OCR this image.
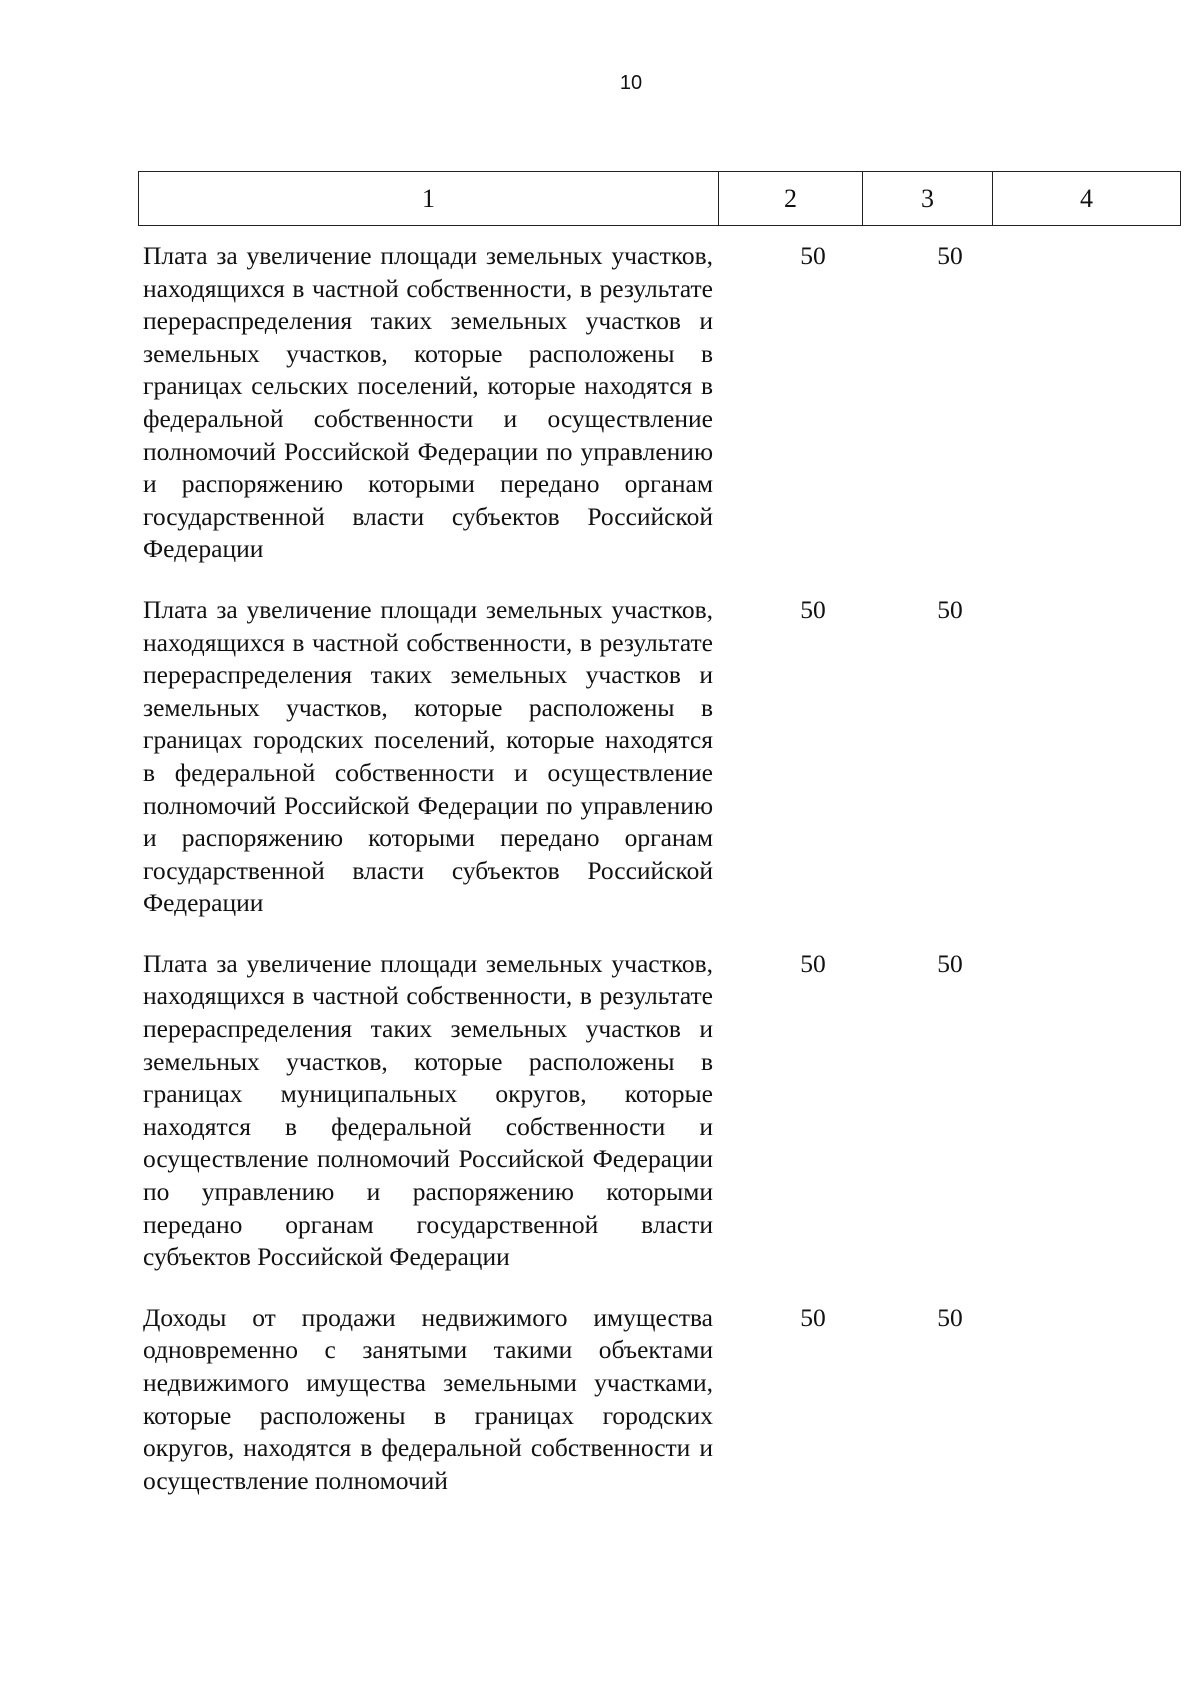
10
1	2	3	4
Плата за увеличение площади земельных участков, находящихся в частной собственности, в результате перераспределения таких земельных участков и земельных участков, которые расположены в границах сельских поселений, которые находятся в федеральной собственности и осуществление полномочий Российской Федерации по управлению и распоряжению которыми передано органам государственной власти субъектов Российской Федерации
50	50
Плата за увеличение площади земельных участков, находящихся в частной собственности, в результате перераспределения таких земельных участков и земельных участков, которые расположены в границах городских поселений, которые находятся в федеральной собственности и осуществление полномочий Российской Федерации по управлению и распоряжению которыми передано органам государственной власти субъектов Российской Федерации
50	50
Плата за увеличение площади земельных участков, находящихся в частной собственности, в результате перераспределения таких земельных участков и земельных участков, которые расположены в границах муниципальных округов, которые находятся в федеральной собственности и осуществление полномочий Российской Федерации по управлению и распоряжению которыми передано органам государственной власти субъектов Российской Федерации
50	50
Доходы от продажи недвижимого имущества одновременно с занятыми такими объектами недвижимого имущества земельными участками, которые расположены в границах городских округов, находятся в федеральной собственности и осуществление полномочий
50	50
